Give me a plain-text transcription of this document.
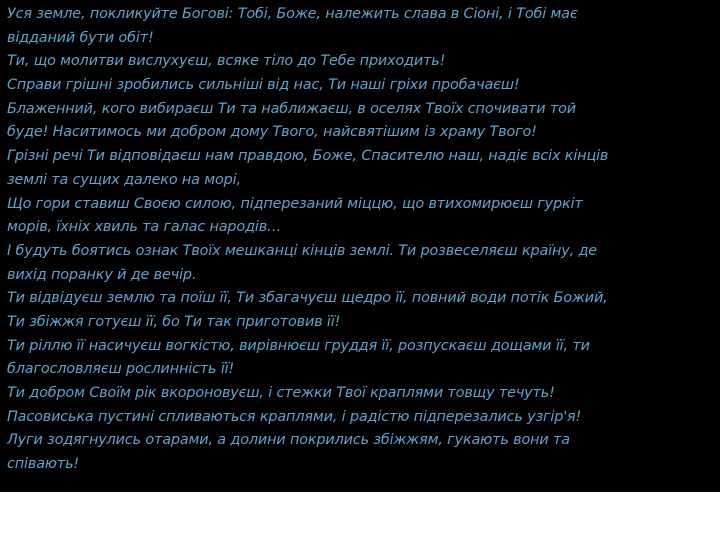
Уся земле, покликуйте Богові: Тобі, Боже, належить слава в Сіоні, і Тобі має
відданий бути обіт!
Ти, що молитви вислухуєш, всяке тіло до Тебе приходить!
Справи грішні зробились сильніші від нас, Ти наші гріхи пробачаєш!
Блаженний, кого вибираєш Ти та наближаєш, в оселях Твоїх спочивати той
буде! Наситимось ми добром дому Твого, найсвятішим із храму Твого!
Грізні речі Ти відповідаєш нам правдою, Боже, Спасителю наш, надіє всіх кінців
землі та сущих далеко на морі,
Що гори ставиш Своєю силою, підперезаний міццю, що втихомирюєш гуркіт
морів, їхніх хвиль та галас народів…
І будуть боятись ознак Твоїх мешканці кінців землі. Ти розвеселяєш країну, де
вихід поранку й де вечір.
Ти відвідуєш землю та поїш її, Ти збагачуєш щедро її, повний води потік Божий,
Ти збіжжя готуєш її, бо Ти так приготовив її!
Ти ріллю її насичуєш вогкістю, вирівнюєш груддя її, розпускаєш дощами її, ти
благословляєш рослинність її!
Ти добром Своїм рік вкороновуєш, і стежки Твої краплями товщу течуть!
Пасовиська пустині спливаються краплями, і радістю підперезались узгір'я!
Луги зодягнулись отарами, а долини покрились збіжжям, гукають вони та
співають!
